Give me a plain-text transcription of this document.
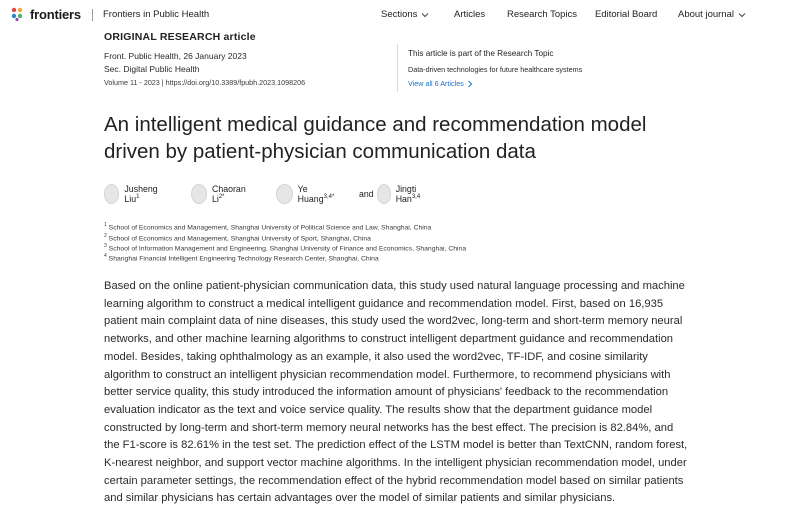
frontiers Frontiers in Public Health	Sections	Articles Research Topics Editorial Board About journal
ORIGINAL RESEARCH article
Front. Public Health, 26 January 2023
Sec. Digital Public Health
Volume 11 - 2023 | https://doi.org/10.3389/fpubh.2023.1098206
This article is part of the Research Topic
Data-driven technologies for future healthcare systems
View all 6 Articles
An intelligent medical guidance and recommendation model driven by patient-physician communication data
Jusheng Liu$^1$
Chaoran $Li^{2*}$
Ye Huang$^{3,4*}$	and	Jingti Han$^{3,4}$
$^1$ School of Economics and Management, Shanghai University of Political Science and Law, Shanghai, China
$^2$ School of Economics and Management, Shanghai University of Sport, Shanghai, China
$^3$ School of Information Management and Engineering, Shanghai University of Finance and Economics, Shanghai, China
$^4$ Shanghai Financial Intelligent Engineering Technology Research Center, Shanghai, China

Based on the online patient-physician communication data, this study used natural language processing and machine learning algorithm to construct a medical intelligent guidance and recommendation model. First, based on 16,935 patient main complaint data of nine diseases, this study used the word2vec, long-term and short-term memory neural networks, and other machine learning algorithms to construct intelligent department guidance and recommendation model. Besides, taking ophthalmology as an example, it also used the word2vec, TF-IDF, and cosine similarity algorithm to construct an intelligent physician recommendation model. Furthermore, to recommend physicians with better service quality, this study introduced the information amount of physicians' feedback to the recommendation evaluation indicator as the text and voice service quality. The results show that the department guidance model constructed by long-term and short-term memory neural networks has the best effect. The precision is 82.84%, and the F1-score is 82.61% in the test set. The prediction effect of the LSTM model is better than TextCNN, random forest, K-nearest neighbor, and support vector machine algorithms. In the intelligent physician recommendation model, under certain parameter settings, the recommendation effect of the hybrid recommendation model based on similar patients and similar physicians has certain advantages over the model of similar patients and similar physicians.
